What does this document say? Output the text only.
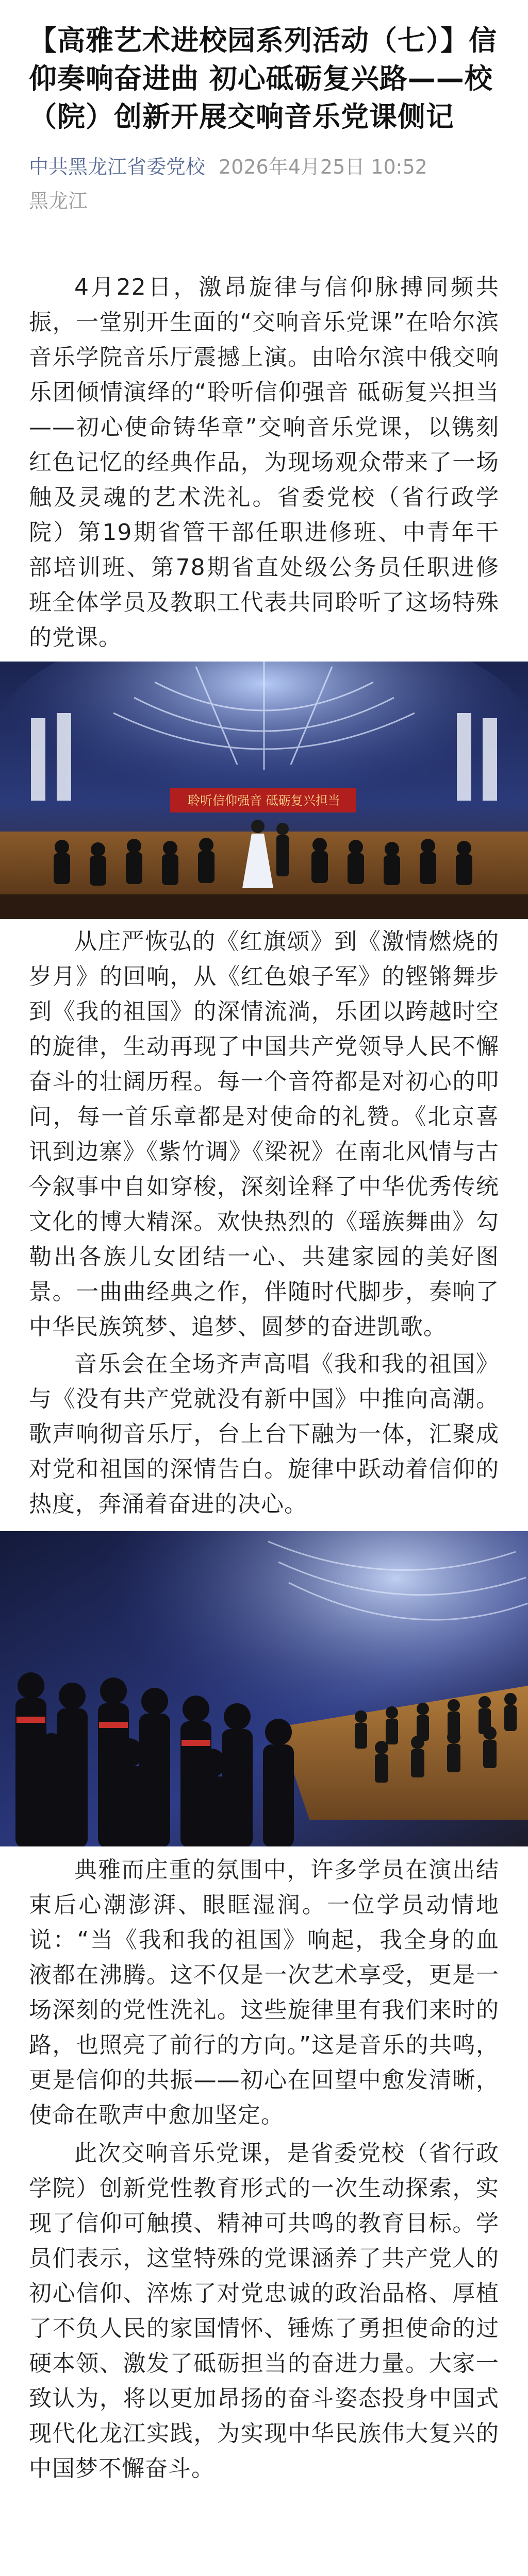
【高雅艺术进校园系列活动（七）】信仰奏响奋进曲 初心砥砺复兴路——校（院）创新开展交响音乐党课侧记
中共黑龙江省委党校 2026年4月25日 10:52
黑龙江

4月22日，激昂旋律与信仰脉搏同频共振，一堂别开生面的“交响音乐党课”在哈尔滨音乐学院音乐厅震撼上演。由哈尔滨中俄交响乐团倾情演绎的“聆听信仰强音 砥砺复兴担当——初心使命铸华章”交响音乐党课，以镌刻红色记忆的经典作品，为现场观众带来了一场触及灵魂的艺术洗礼。省委党校（省行政学院）第19期省管干部任职进修班、中青年干部培训班、第78期省直处级公务员任职进修班全体学员及教职工代表共同聆听了这场特殊的党课。

聆听信仰强音 砥砺复兴担当

从庄严恢弘的《红旗颂》到《激情燃烧的岁月》的回响，从《红色娘子军》的铿锵舞步到《我的祖国》的深情流淌，乐团以跨越时空的旋律，生动再现了中国共产党领导人民不懈奋斗的壮阔历程。每一个音符都是对初心的叩问，每一首乐章都是对使命的礼赞。《北京喜讯到边寨》《紫竹调》《梁祝》在南北风情与古今叙事中自如穿梭，深刻诠释了中华优秀传统文化的博大精深。欢快热烈的《瑶族舞曲》勾勒出各族儿女团结一心、共建家园的美好图景。一曲曲经典之作，伴随时代脚步，奏响了中华民族筑梦、追梦、圆梦的奋进凯歌。

音乐会在全场齐声高唱《我和我的祖国》与《没有共产党就没有新中国》中推向高潮。歌声响彻音乐厅，台上台下融为一体，汇聚成对党和祖国的深情告白。旋律中跃动着信仰的热度，奔涌着奋进的决心。

典雅而庄重的氛围中，许多学员在演出结束后心潮澎湃、眼眶湿润。一位学员动情地说：“当《我和我的祖国》响起，我全身的血液都在沸腾。这不仅是一次艺术享受，更是一场深刻的党性洗礼。这些旋律里有我们来时的路，也照亮了前行的方向。”这是音乐的共鸣，更是信仰的共振——初心在回望中愈发清晰，使命在歌声中愈加坚定。

此次交响音乐党课，是省委党校（省行政学院）创新党性教育形式的一次生动探索，实现了信仰可触摸、精神可共鸣的教育目标。学员们表示，这堂特殊的党课涵养了共产党人的初心信仰、淬炼了对党忠诚的政治品格、厚植了不负人民的家国情怀、锤炼了勇担使命的过硬本领、激发了砥砺担当的奋进力量。大家一致认为，将以更加昂扬的奋斗姿态投身中国式现代化龙江实践，为实现中华民族伟大复兴的中国梦不懈奋斗。
